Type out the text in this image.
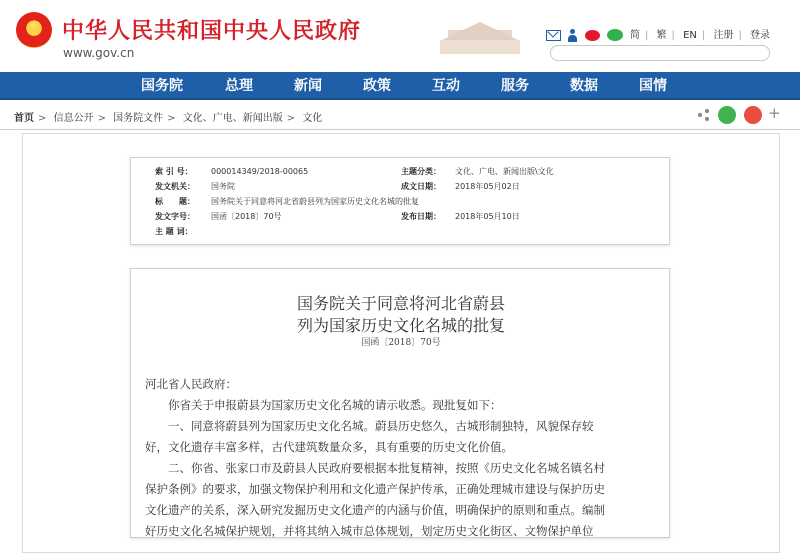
★ 中华人民共和国中央人民政府
www.gov.cn
简 | 繁 | EN | 注册 | 登录
国务院	总理	新闻	政策	互动	服务	数据	国情
首页 > 信息公开 > 国务院文件 > 文化、广电、新闻出版 > 文化	+
索 引 号：	000014349/2018-00065	主题分类：	文化、广电、新闻出版\文化
发文机关：	国务院	成文日期：	2018年05月02日
标　　题：	国务院关于同意将河北省蔚县列为国家历史文化名城的批复
发文字号：	国函〔2018〕70号	发布日期：	2018年05月10日
主 题 词：
国务院关于同意将河北省蔚县
列为国家历史文化名城的批复
国函〔2018〕70号
河北省人民政府：
　　你省关于申报蔚县为国家历史文化名城的请示收悉。现批复如下：
　　一、同意将蔚县列为国家历史文化名城。蔚县历史悠久，古城形制独特，风貌保存较
好，文化遗存丰富多样，古代建筑数量众多，具有重要的历史文化价值。
　　二、你省、张家口市及蔚县人民政府要根据本批复精神，按照《历史文化名城名镇名村
保护条例》的要求，加强文物保护利用和文化遗产保护传承，正确处理城市建设与保护历史
文化遗产的关系，深入研究发掘历史文化遗产的内涵与价值，明确保护的原则和重点。编制
好历史文化名城保护规划，并将其纳入城市总体规划，划定历史文化街区、文物保护单位
